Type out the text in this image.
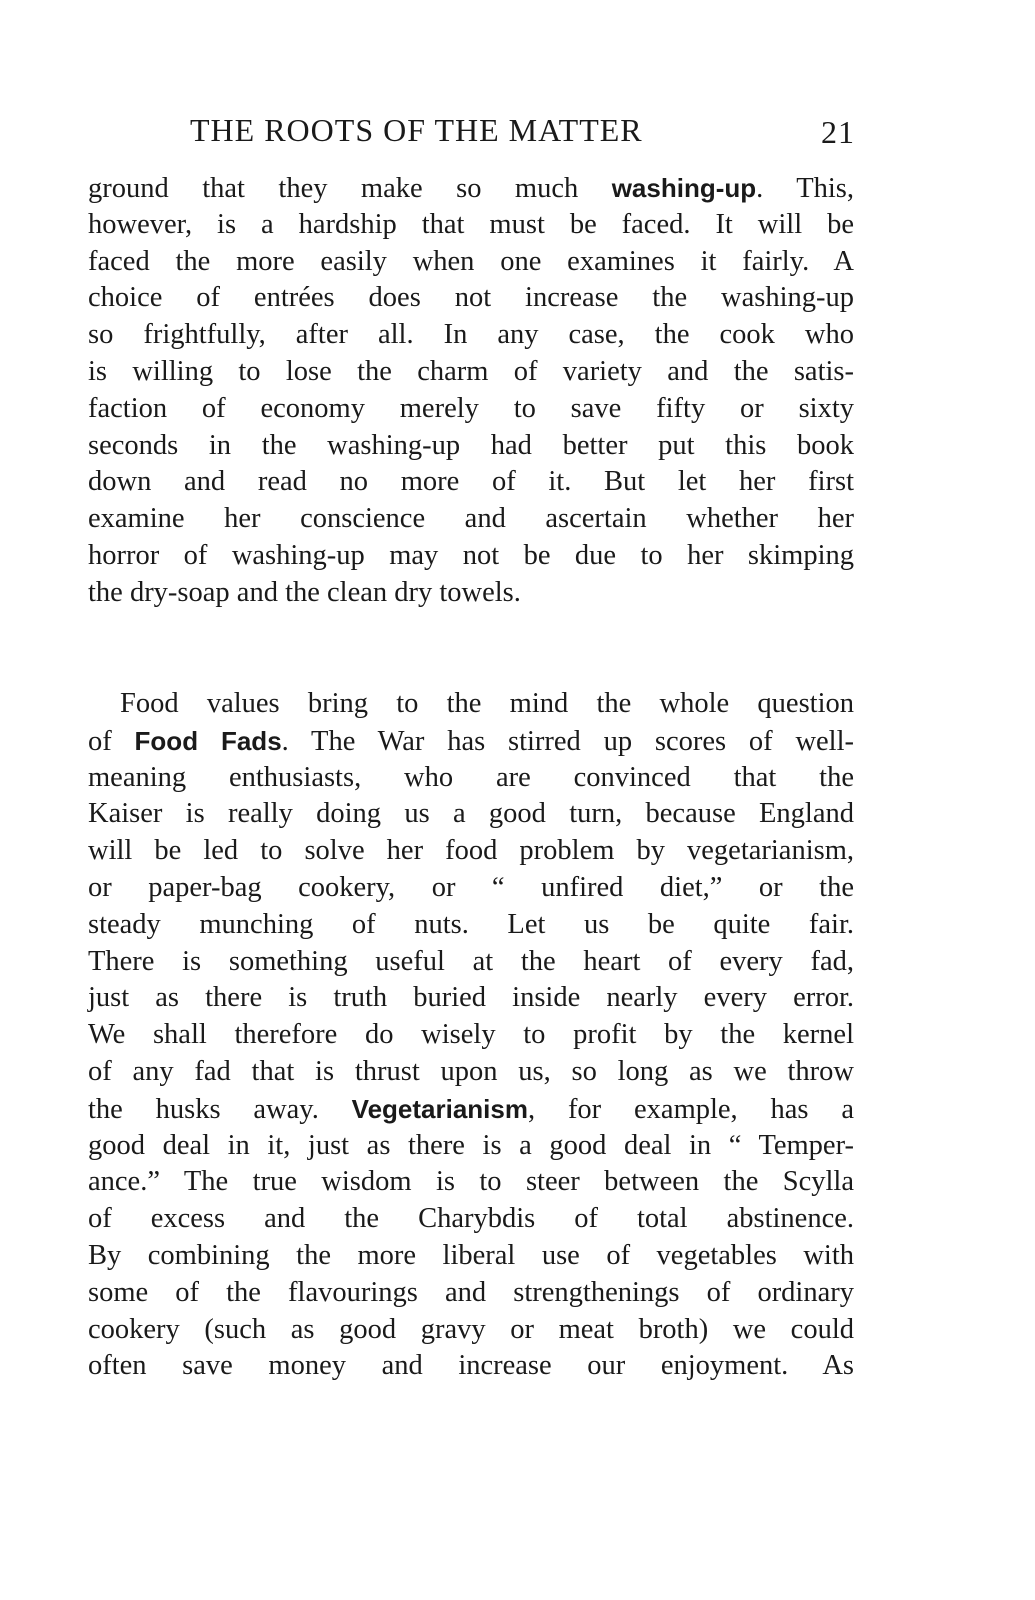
THE ROOTS OF THE MATTER	21
ground that they make so much washing-up. This,
however, is a hardship that must be faced. It will be
faced the more easily when one examines it fairly. A
choice of entrées does not increase the washing-up
so frightfully, after all. In any case, the cook who
is willing to lose the charm of variety and the satis-
faction of economy merely to save fifty or sixty
seconds in the washing-up had better put this book
down and read no more of it. But let her first
examine her conscience and ascertain whether her
horror of washing-up may not be due to her skimping
the dry-soap and the clean dry towels.
Food values bring to the mind the whole question
of Food Fads. The War has stirred up scores of well-
meaning enthusiasts, who are convinced that the
Kaiser is really doing us a good turn, because England
will be led to solve her food problem by vegetarianism,
or paper-bag cookery, or “ unfired diet,” or the
steady munching of nuts. Let us be quite fair.
There is something useful at the heart of every fad,
just as there is truth buried inside nearly every error.
We shall therefore do wisely to profit by the kernel
of any fad that is thrust upon us, so long as we throw
the husks away. Vegetarianism, for example, has a
good deal in it, just as there is a good deal in “ Temper-
ance.” The true wisdom is to steer between the Scylla
of excess and the Charybdis of total abstinence.
By combining the more liberal use of vegetables with
some of the flavourings and strengthenings of ordinary
cookery (such as good gravy or meat broth) we could
often save money and increase our enjoyment. As
